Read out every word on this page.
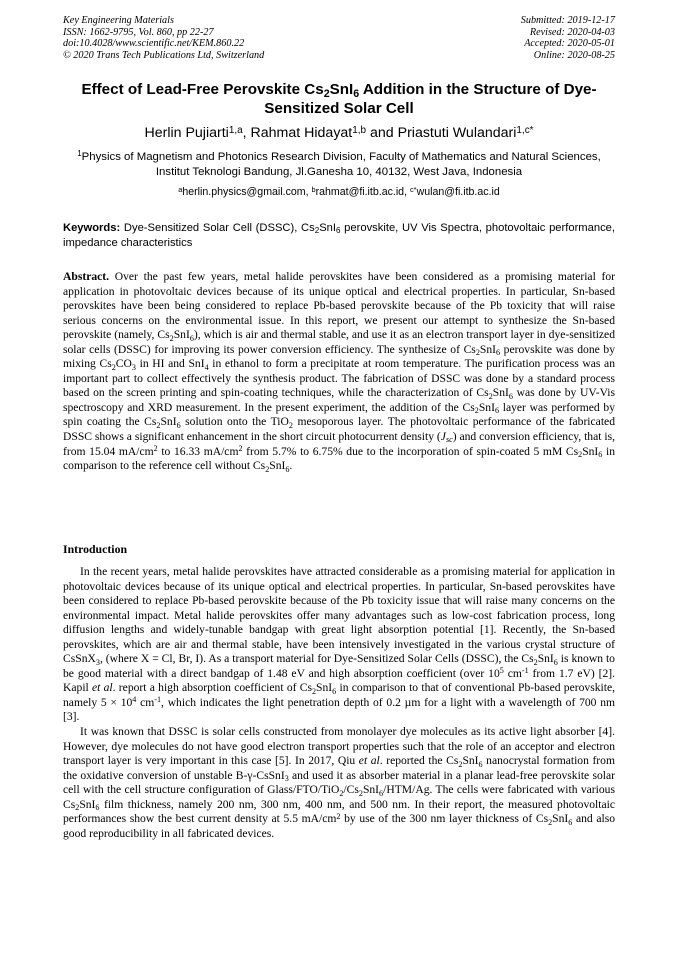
Key Engineering Materials
ISSN: 1662-9795, Vol. 860, pp 22-27
doi:10.4028/www.scientific.net/KEM.860.22
© 2020 Trans Tech Publications Ltd, Switzerland
Submitted: 2019-12-17
Revised: 2020-04-03
Accepted: 2020-05-01
Online: 2020-08-25
Effect of Lead-Free Perovskite $Cs_2SnI_6$ Addition in the Structure of Dye-Sensitized Solar Cell
Herlin Pujiarti$^{1,a}$, Rahmat Hidayat$^{1,b}$ and Priastuti Wulandari$^{1,c*}$
$^1$Physics of Magnetism and Photonics Research Division, Faculty of Mathematics and Natural Sciences, Institut Teknologi Bandung, Jl.Ganesha 10, 40132, West Java, Indonesia
$^a$herlin.physics@gmail.com, $^b$rahmat@fi.itb.ac.id, $^{c*}$wulan@fi.itb.ac.id
Keywords: Dye-Sensitized Solar Cell (DSSC), $Cs_2SnI_6$ perovskite, UV Vis Spectra, photovoltaic performance, impedance characteristics
Abstract. Over the past few years, metal halide perovskites have been considered as a promising material for application in photovoltaic devices because of its unique optical and electrical properties. In particular, Sn-based perovskites have been being considered to replace Pb-based perovskite because of the Pb toxicity that will raise serious concerns on the environmental issue. In this report, we present our attempt to synthesize the Sn-based perovskite (namely, $Cs_2SnI_6$), which is air and thermal stable, and use it as an electron transport layer in dye-sensitized solar cells (DSSC) for improving its power conversion efficiency. The synthesize of $Cs_2SnI_6$ perovskite was done by mixing $Cs_2CO_3$ in HI and SnI$_4$ in ethanol to form a precipitate at room temperature. The purification process was an important part to collect effectively the synthesis product. The fabrication of DSSC was done by a standard process based on the screen printing and spin-coating techniques, while the characterization of $Cs_2SnI_6$ was done by UV-Vis spectroscopy and XRD measurement. In the present experiment, the addition of the $Cs_2SnI_6$ layer was performed by spin coating the $Cs_2SnI_6$ solution onto the TiO$_2$ mesoporous layer. The photovoltaic performance of the fabricated DSSC shows a significant enhancement in the short circuit photocurrent density $(J_{sc})$ and conversion efficiency, that is, from 15.04 $mA/cm^2$ to 16.33 $mA/cm^2$ from 5.7% to 6.75% due to the incorporation of spin-coated 5 mM $Cs_2SnI_6$ in comparison to the reference cell without $Cs_2SnI_6$.
Introduction

In the recent years, metal halide perovskites have attracted considerable as a promising material for application in photovoltaic devices because of its unique optical and electrical properties. In particular, Sn-based perovskites have been considered to replace Pb-based perovskite because of the Pb toxicity issue that will raise many concerns on the environmental impact. Metal halide perovskites offer many advantages such as low-cost fabrication process, long diffusion lengths and widely-tunable bandgap with great light absorption potential [1]. Recently, the Sn-based perovskites, which are air and thermal stable, have been intensively investigated in the various crystal structure of CsSnX$_3$, (where X = Cl, Br, I). As a transport material for Dye-Sensitized Solar Cells (DSSC), the $Cs_2SnI_6$ is known to be good material with a direct bandgap of 1.48 eV and high absorption coefficient (over $10^5$ $cm^{-1}$ from 1.7 eV) [2]. Kapil et al. report a high absorption coefficient of $Cs_2SnI_6$ in comparison to that of conventional Pb-based perovskite, namely $5 \times 10^4$ $cm^{-1}$, which indicates the light penetration depth of 0.2 µm for a light with a wavelength of 700 nm [3].

It was known that DSSC is solar cells constructed from monolayer dye molecules as its active light absorber [4]. However, dye molecules do not have good electron transport properties such that the role of an acceptor and electron transport layer is very important in this case [5]. In 2017, Qiu et al. reported the $Cs_2SnI_6$ nanocrystal formation from the oxidative conversion of unstable B-γ-CsSnI$_3$ and used it as absorber material in a planar lead-free perovskite solar cell with the cell structure configuration of Glass/$FTO/TiO_2/Cs_2SnI_6/HTM/Ag$. The cells were fabricated with various $Cs_2SnI_6$ film thickness, namely 200 nm, 300 nm, 400 nm, and 500 nm. In their report, the measured photovoltaic performances show the best current density at 5.5 $mA/cm^2$ by use of the 300 nm layer thickness of $Cs_2SnI_6$ and also good reproducibility in all fabricated devices.
